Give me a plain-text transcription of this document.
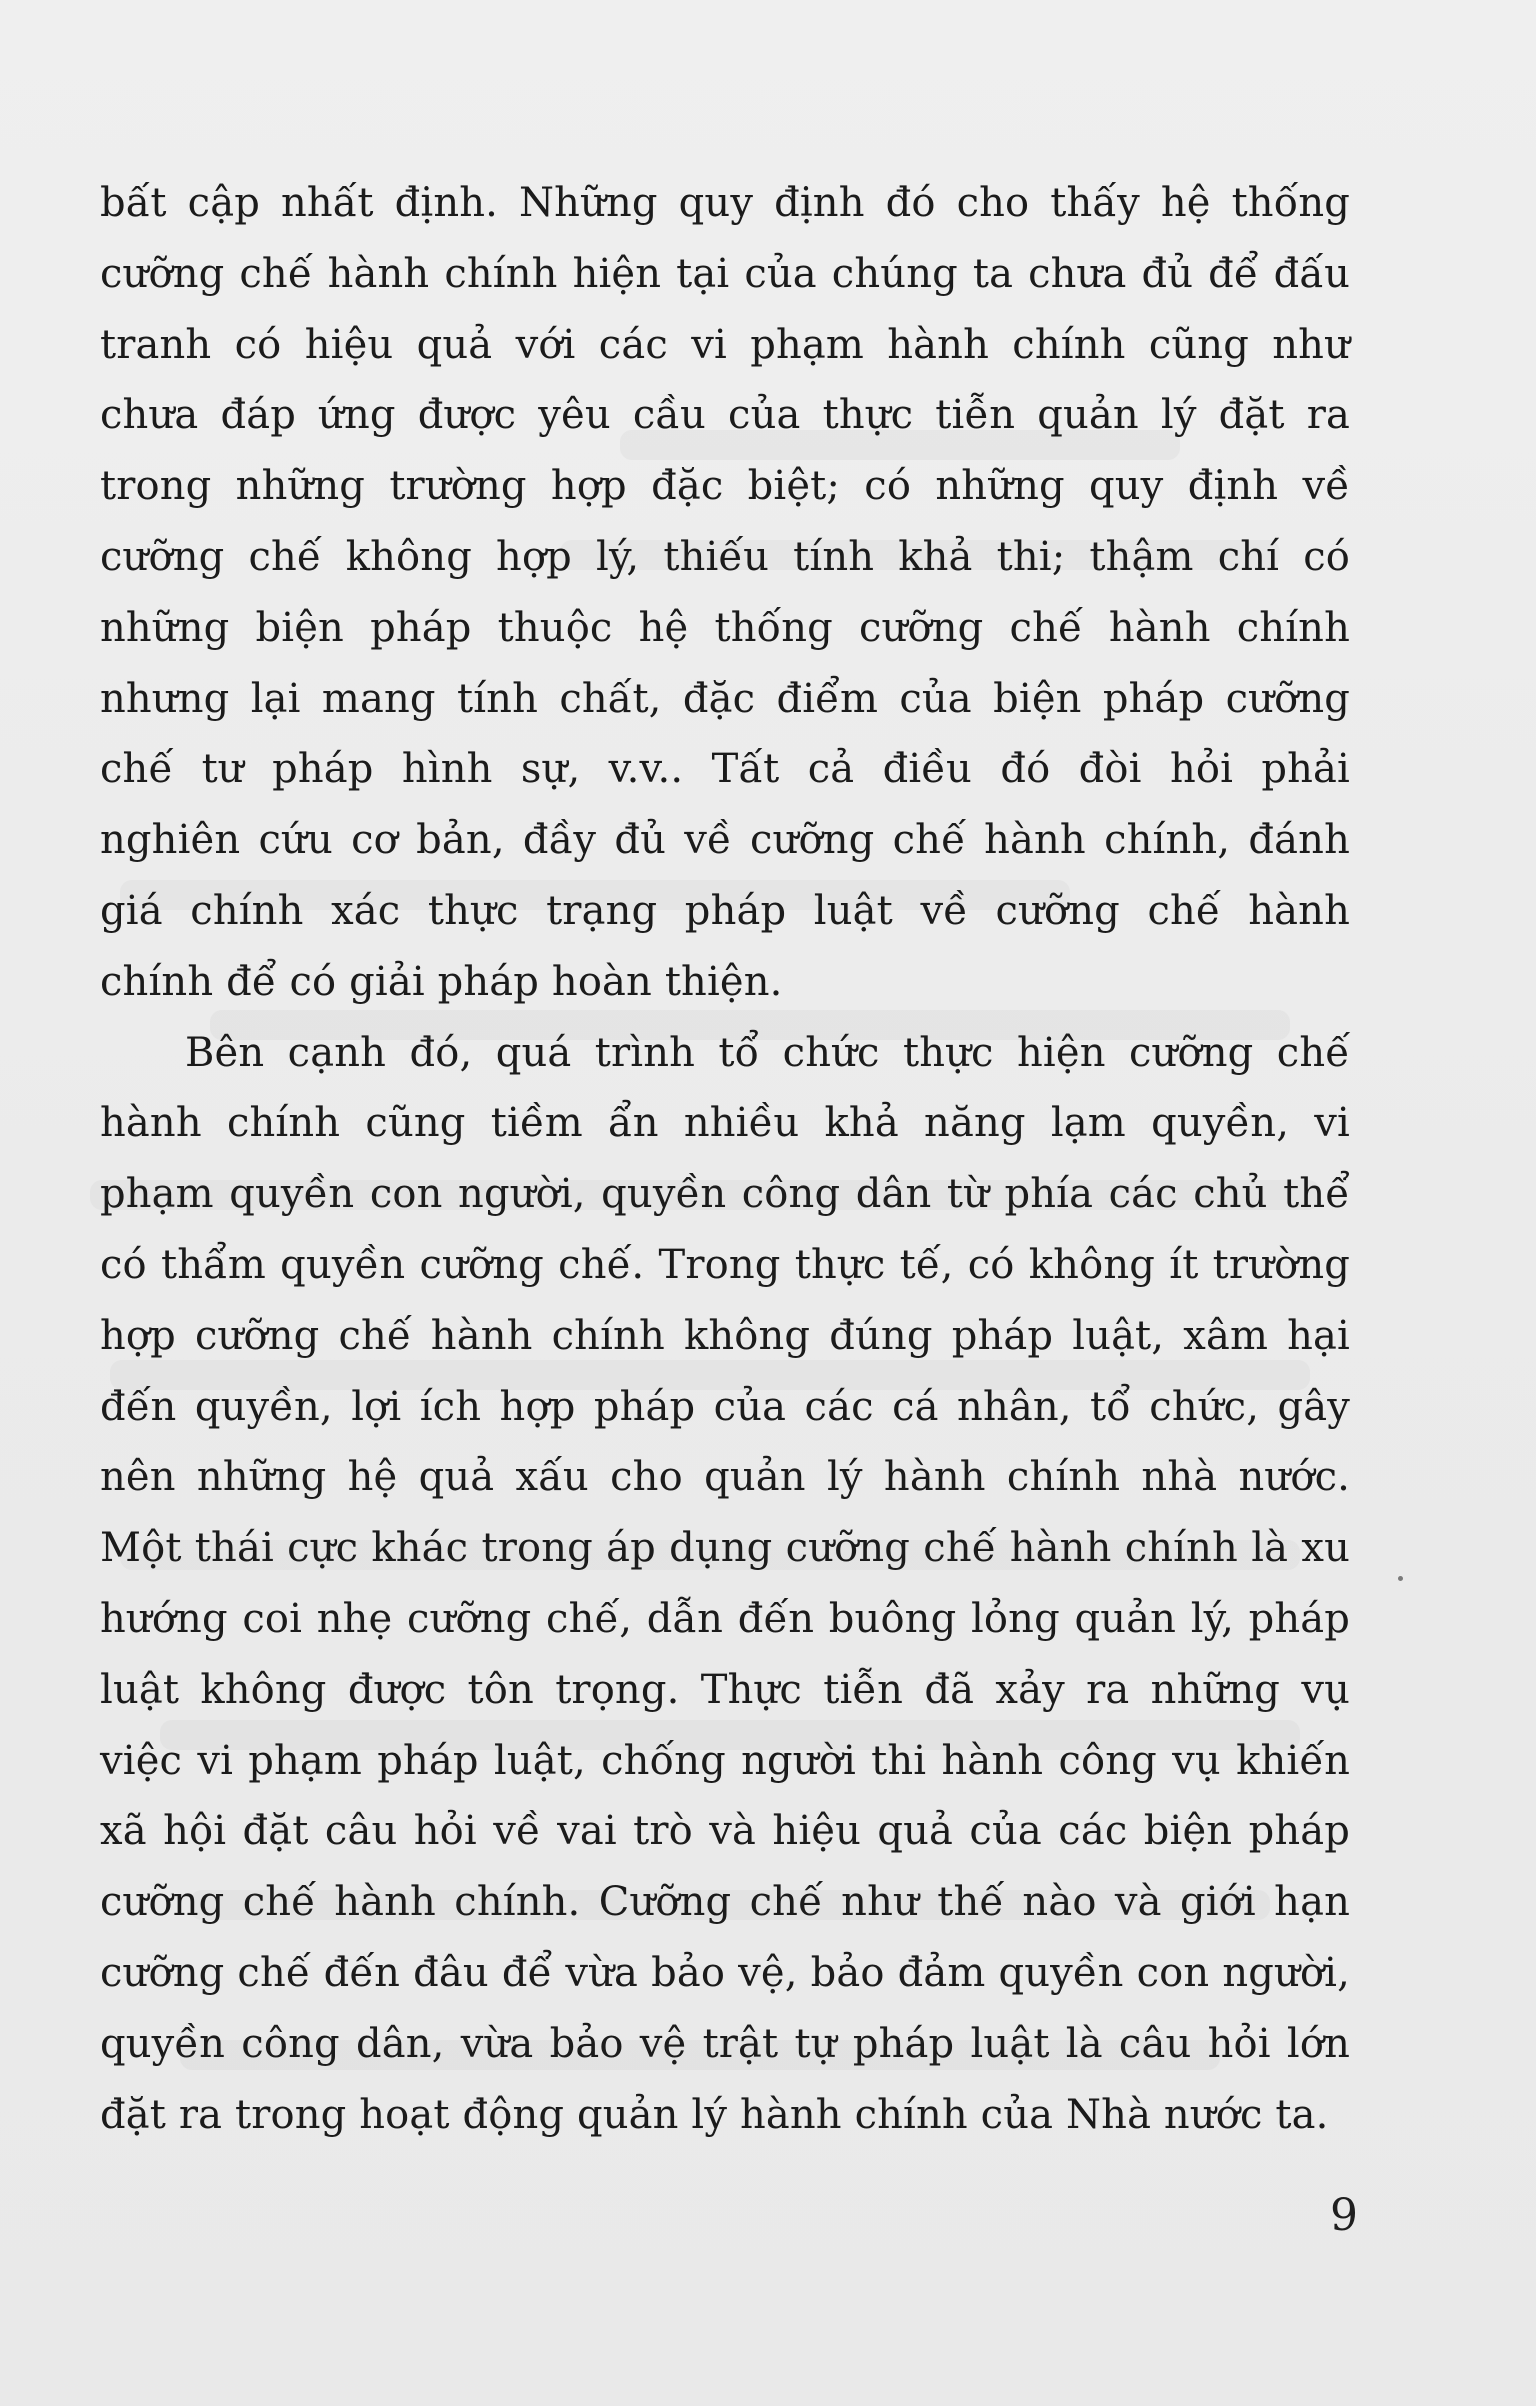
bất cập nhất định. Những quy định đó cho thấy hệ thống
cưỡng chế hành chính hiện tại của chúng ta chưa đủ để đấu
tranh có hiệu quả với các vi phạm hành chính cũng như
chưa đáp ứng được yêu cầu của thực tiễn quản lý đặt ra
trong những trường hợp đặc biệt; có những quy định về
cưỡng chế không hợp lý, thiếu tính khả thi; thậm chí có
những biện pháp thuộc hệ thống cưỡng chế hành chính
nhưng lại mang tính chất, đặc điểm của biện pháp cưỡng
chế tư pháp hình sự, v.v.. Tất cả điều đó đòi hỏi phải
nghiên cứu cơ bản, đầy đủ về cưỡng chế hành chính, đánh
giá chính xác thực trạng pháp luật về cưỡng chế hành
chính để có giải pháp hoàn thiện.
Bên cạnh đó, quá trình tổ chức thực hiện cưỡng chế
hành chính cũng tiềm ẩn nhiều khả năng lạm quyền, vi
phạm quyền con người, quyền công dân từ phía các chủ thể
có thẩm quyền cưỡng chế. Trong thực tế, có không ít trường
hợp cưỡng chế hành chính không đúng pháp luật, xâm hại
đến quyền, lợi ích hợp pháp của các cá nhân, tổ chức, gây
nên những hệ quả xấu cho quản lý hành chính nhà nước.
Một thái cực khác trong áp dụng cưỡng chế hành chính là xu
hướng coi nhẹ cưỡng chế, dẫn đến buông lỏng quản lý, pháp
luật không được tôn trọng. Thực tiễn đã xảy ra những vụ
việc vi phạm pháp luật, chống người thi hành công vụ khiến
xã hội đặt câu hỏi về vai trò và hiệu quả của các biện pháp
cưỡng chế hành chính. Cưỡng chế như thế nào và giới hạn
cưỡng chế đến đâu để vừa bảo vệ, bảo đảm quyền con người,
quyền công dân, vừa bảo vệ trật tự pháp luật là câu hỏi lớn
đặt ra trong hoạt động quản lý hành chính của Nhà nước ta.
9
